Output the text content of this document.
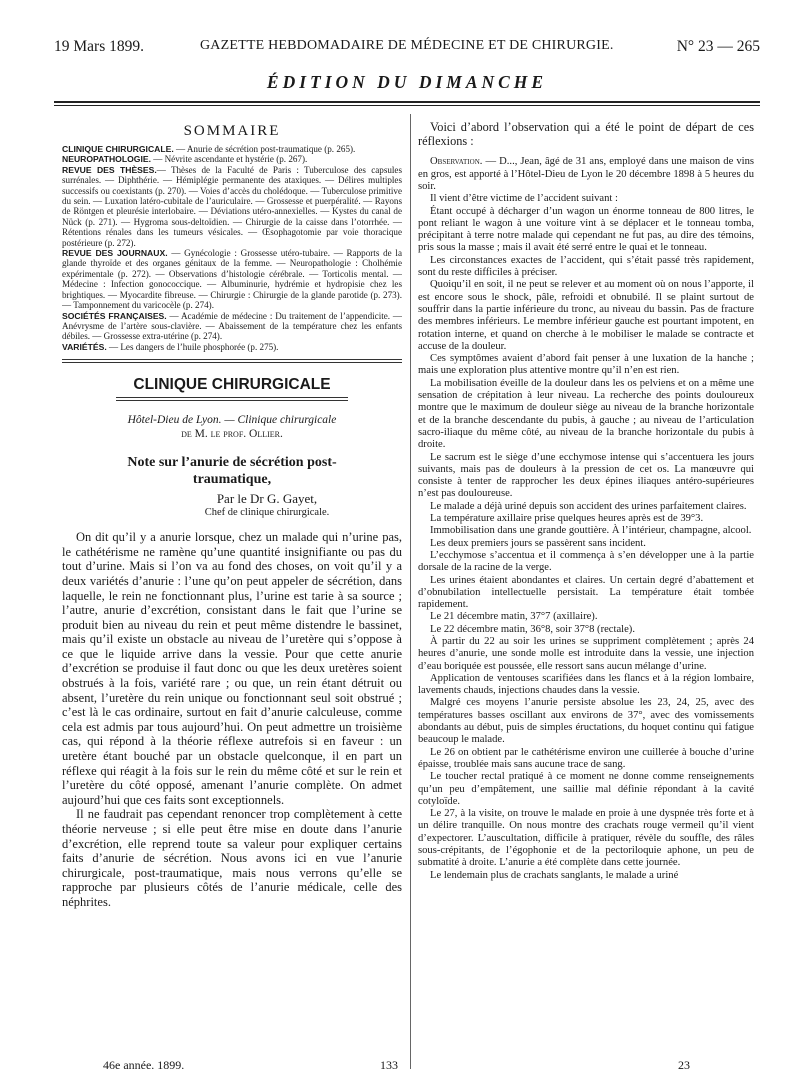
19 Mars 1899.	GAZETTE HEBDOMADAIRE DE MÉDECINE ET DE CHIRURGIE.	N° 23 — 265
ÉDITION DU DIMANCHE
SOMMAIRE

CLINIQUE CHIRURGICALE. — Anurie de sécrétion post-traumatique (p. 265).

NEUROPATHOLOGIE. — Névrite ascendante et hystérie (p. 267).

REVUE DES THÈSES.— Thèses de la Faculté de Paris : Tuberculose des capsules surrénales. — Diphthérie. — Hémiplégie permanente des ataxiques. — Délires multiples successifs ou coexistants (p. 270). — Voies d’accès du cholédoque. — Tuberculose primitive du sein. — Luxation latéro-cubitale de l’auriculaire. — Grossesse et puerpéralité. — Rayons de Röntgen et pleurésie interlobaire. — Déviations utéro-annexielles. — Kystes du canal de Nück (p. 271). — Hygroma sous-deltoïdien. — Chirurgie de la caisse dans l’otorrhée. — Rétentions rénales dans les tumeurs vésicales. — Œsophagotomie par voie thoracique postérieure (p. 272).

REVUE DES JOURNAUX. — Gynécologie : Grossesse utéro-tubaire. — Rapports de la glande thyroïde et des organes génitaux de la femme. — Neuropathologie : Cholhémie expérimentale (p. 272). — Observations d’histologie cérébrale. — Torticolis mental. — Médecine : Infection gonococcique. — Albuminurie, hydrémie et hydropisie chez les brightiques. — Myocardite fibreuse. — Chirurgie : Chirurgie de la glande parotide (p. 273). — Tamponnement du varicocèle (p. 274).

SOCIÉTÉS FRANÇAISES. — Académie de médecine : Du traitement de l’appendicite. — Anévrysme de l’artère sous-clavière. — Abaissement de la température chez les enfants débiles. — Grossesse extra-utérine (p. 274).

VARIÉTÉS. — Les dangers de l’huile phosphorée (p. 275).

CLINIQUE CHIRURGICALE
Hôtel-Dieu de Lyon. — Clinique chirurgicale
de M. le prof. Ollier.
Note sur l’anurie de sécrétion post-
traumatique,
Par le Dr G. Gayet,
Chef de clinique chirurgicale.

On dit qu’il y a anurie lorsque, chez un malade qui n’urine pas, le cathétérisme ne ramène qu’une quantité insignifiante ou pas du tout d’urine. Mais si l’on va au fond des choses, on voit qu’il y a deux variétés d’anurie : l’une qu’on peut appeler de sécrétion, dans laquelle, le rein ne fonctionnant plus, l’urine est tarie à sa source ; l’autre, anurie d’excrétion, consistant dans le fait que l’urine se produit bien au niveau du rein et peut même distendre le bassinet, mais qu’il existe un obstacle au niveau de l’uretère qui s’oppose à ce que le liquide arrive dans la vessie. Pour que cette anurie d’excrétion se produise il faut donc ou que les deux uretères soient obstrués à la fois, variété rare ; ou que, un rein étant détruit ou absent, l’uretère du rein unique ou fonctionnant seul soit obstrué ; c’est là le cas ordinaire, surtout en fait d’anurie calculeuse, comme cela est admis par tous aujourd’hui. On peut admettre un troisième cas, qui répond à la théorie réflexe autrefois si en faveur : un uretère étant bouché par un obstacle quelconque, il en part un réflexe qui réagit à la fois sur le rein du même côté et sur le rein et l’uretère du côté opposé, amenant l’anurie complète. On admet aujourd’hui que ces faits sont exceptionnels.

Il ne faudrait pas cependant renoncer trop complètement à cette théorie nerveuse ; si elle peut être mise en doute dans l’anurie d’excrétion, elle reprend toute sa valeur pour expliquer certains faits d’anurie de sécrétion. Nous avons ici en vue l’anurie chirurgicale, post-traumatique, mais nous verrons qu’elle se rapproche par plusieurs côtés de l’anurie médicale, celle des néphrites.

Voici d’abord l’observation qui a été le point de départ de ces réflexions :

Observation. — D..., Jean, âgé de 31 ans, employé dans une maison de vins en gros, est apporté à l’Hôtel-Dieu de Lyon le 20 décembre 1898 à 5 heures du soir.

Il vient d’être victime de l’accident suivant :

Étant occupé à décharger d’un wagon un énorme tonneau de 800 litres, le pont reliant le wagon à une voiture vint à se déplacer et le tonneau tomba, précipitant à terre notre malade qui cependant ne fut pas, au dire des témoins, pris sous la masse ; mais il avait été serré entre le quai et le tonneau.

Les circonstances exactes de l’accident, qui s’était passé très rapidement, sont du reste difficiles à préciser.

Quoiqu’il en soit, il ne peut se relever et au moment où on nous l’apporte, il est encore sous le shock, pâle, refroidi et obnubilé. Il se plaint surtout de souffrir dans la partie inférieure du tronc, au niveau du bassin. Pas de fracture des membres inférieurs. Le membre inférieur gauche est pourtant impotent, en rotation interne, et quand on cherche à le mobiliser le malade se contracte et accuse de la douleur.

Ces symptômes avaient d’abord fait penser à une luxation de la hanche ; mais une exploration plus attentive montre qu’il n’en est rien.

La mobilisation éveille de la douleur dans les os pelviens et on a même une sensation de crépitation à leur niveau. La recherche des points douloureux montre que le maximum de douleur siège au niveau de la branche horizontale et de la branche descendante du pubis, à gauche ; au niveau de l’articulation sacro-iliaque du même côté, au niveau de la branche horizontale du pubis à droite.

Le sacrum est le siège d’une ecchymose intense qui s’accentuera les jours suivants, mais pas de douleurs à la pression de cet os. La manœuvre qui consiste à tenter de rapprocher les deux épines iliaques antéro-supérieures n’est pas douloureuse.

Le malade a déjà uriné depuis son accident des urines parfaitement claires.

La température axillaire prise quelques heures après est de 39°3.

Immobilisation dans une grande gouttière. À l’intérieur, champagne, alcool.

Les deux premiers jours se passèrent sans incident.

L’ecchymose s’accentua et il commença à s’en développer une à la partie dorsale de la racine de la verge.

Les urines étaient abondantes et claires. Un certain degré d’abattement et d’obnubilation intellectuelle persistait. La température était tombée rapidement.

Le 21 décembre matin, 37°7 (axillaire).

Le 22 décembre matin, 36°8, soir 37°8 (rectale).

À partir du 22 au soir les urines se suppriment complètement ; après 24 heures d’anurie, une sonde molle est introduite dans la vessie, une injection d’eau boriquée est poussée, elle ressort sans aucun mélange d’urine.

Application de ventouses scarifiées dans les flancs et à la région lombaire, lavements chauds, injections chaudes dans la vessie.

Malgré ces moyens l’anurie persiste absolue les 23, 24, 25, avec des températures basses oscillant aux environs de 37°, avec des vomissements abondants au début, puis de simples éructations, du hoquet continu qui fatigue beaucoup le malade.

Le 26 on obtient par le cathétérisme environ une cuillerée à bouche d’urine épaisse, troublée mais sans aucune trace de sang.

Le toucher rectal pratiqué à ce moment ne donne comme renseignements qu’un peu d’empâtement, une saillie mal définie répondant à la cavité cotyloïde.

Le 27, à la visite, on trouve le malade en proie à une dyspnée très forte et à un délire tranquille. On nous montre des crachats rouge vermeil qu’il vient d’expectorer. L’auscultation, difficile à pratiquer, révèle du souffle, des râles sous-crépitants, de l’égophonie et de la pectoriloquie aphone, un peu de submatité à droite. L’anurie a été complète dans cette journée.

Le lendemain plus de crachats sanglants, le malade a uriné

46e année. 1899.	133	23
